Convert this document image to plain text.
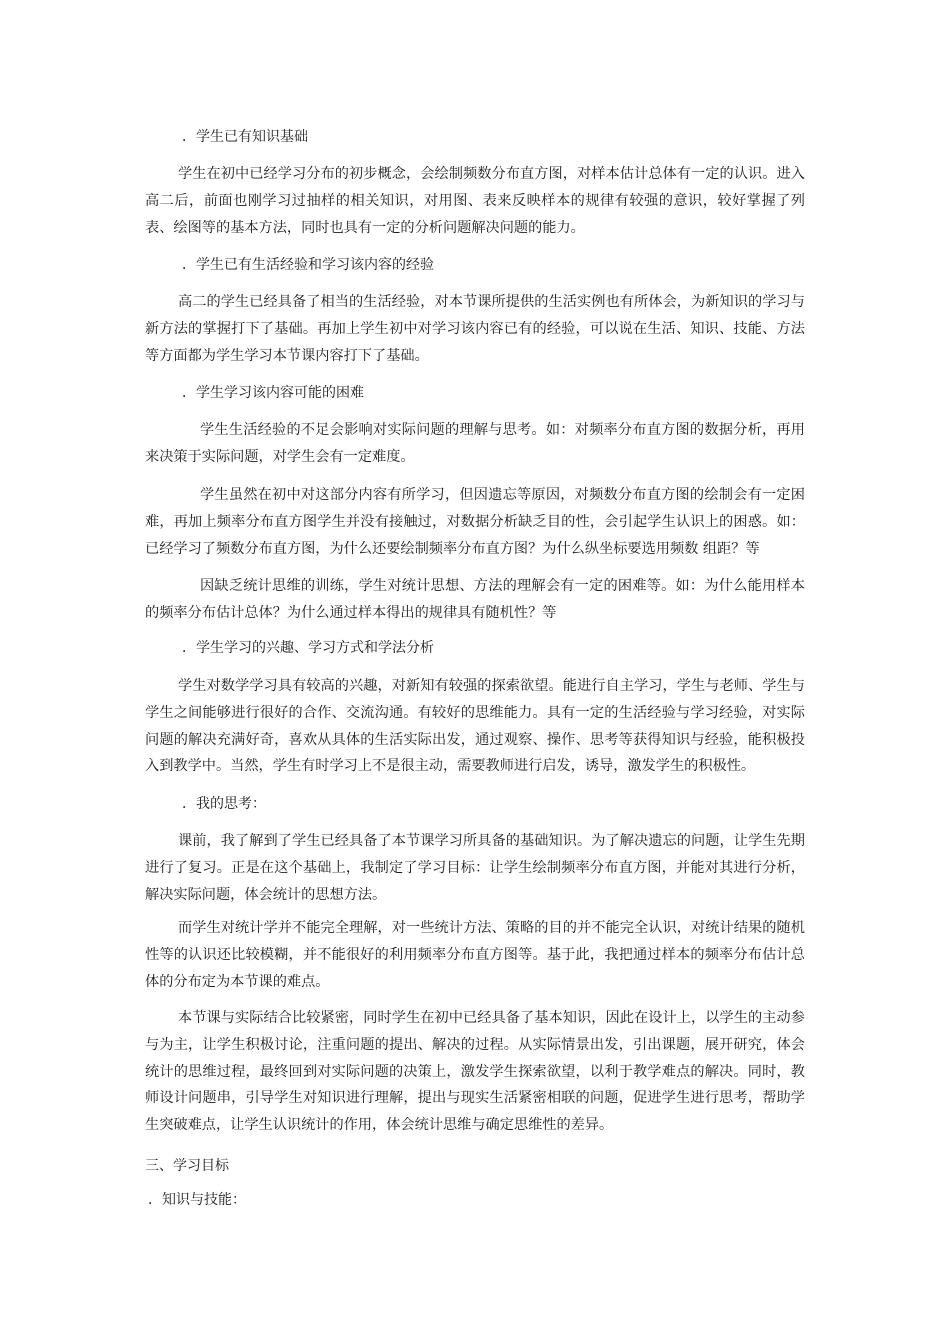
．学生已有知识基础

学生在初中已经学习分布的初步概念，会绘制频数分布直方图，对样本估计总体有一定的认识。进入高二后，前面也刚学习过抽样的相关知识，对用图、表来反映样本的规律有较强的意识，较好掌握了列表、绘图等的基本方法，同时也具有一定的分析问题解决问题的能力。

．学生已有生活经验和学习该内容的经验

高二的学生已经具备了相当的生活经验，对本节课所提供的生活实例也有所体会，为新知识的学习与新方法的掌握打下了基础。再加上学生初中对学习该内容已有的经验，可以说在生活、知识、技能、方法等方面都为学生学习本节课内容打下了基础。

．学生学习该内容可能的困难

学生生活经验的不足会影响对实际问题的理解与思考。如：对频率分布直方图的数据分析，再用来决策于实际问题，对学生会有一定难度。

学生虽然在初中对这部分内容有所学习，但因遗忘等原因，对频数分布直方图的绘制会有一定困难，再加上频率分布直方图学生并没有接触过，对数据分析缺乏目的性，会引起学生认识上的困惑。如：已经学习了频数分布直方图，为什么还要绘制频率分布直方图？为什么纵坐标要选用频数 组距？等

因缺乏统计思维的训练，学生对统计思想、方法的理解会有一定的困难等。如：为什么能用样本的频率分布估计总体？为什么通过样本得出的规律具有随机性？等

．学生学习的兴趣、学习方式和学法分析

学生对数学学习具有较高的兴趣，对新知有较强的探索欲望。能进行自主学习，学生与老师、学生与学生之间能够进行很好的合作、交流沟通。有较好的思维能力。具有一定的生活经验与学习经验，对实际问题的解决充满好奇，喜欢从具体的生活实际出发，通过观察、操作、思考等获得知识与经验，能积极投入到教学中。当然，学生有时学习上不是很主动，需要教师进行启发，诱导，激发学生的积极性。

．我的思考：

课前，我了解到了学生已经具备了本节课学习所具备的基础知识。为了解决遗忘的问题，让学生先期进行了复习。正是在这个基础上，我制定了学习目标：让学生绘制频率分布直方图，并能对其进行分析，解决实际问题，体会统计的思想方法。

而学生对统计学并不能完全理解，对一些统计方法、策略的目的并不能完全认识，对统计结果的随机性等的认识还比较模糊，并不能很好的利用频率分布直方图等。基于此，我把通过样本的频率分布估计总体的分布定为本节课的难点。

本节课与实际结合比较紧密，同时学生在初中已经具备了基本知识，因此在设计上，以学生的主动参与为主，让学生积极讨论，注重问题的提出、解决的过程。从实际情景出发，引出课题，展开研究，体会统计的思维过程，最终回到对实际问题的决策上，激发学生探索欲望，以利于教学难点的解决。同时，教师设计问题串，引导学生对知识进行理解，提出与现实生活紧密相联的问题，促进学生进行思考，帮助学生突破难点，让学生认识统计的作用，体会统计思维与确定思维性的差异。

三、学习目标
．知识与技能：
